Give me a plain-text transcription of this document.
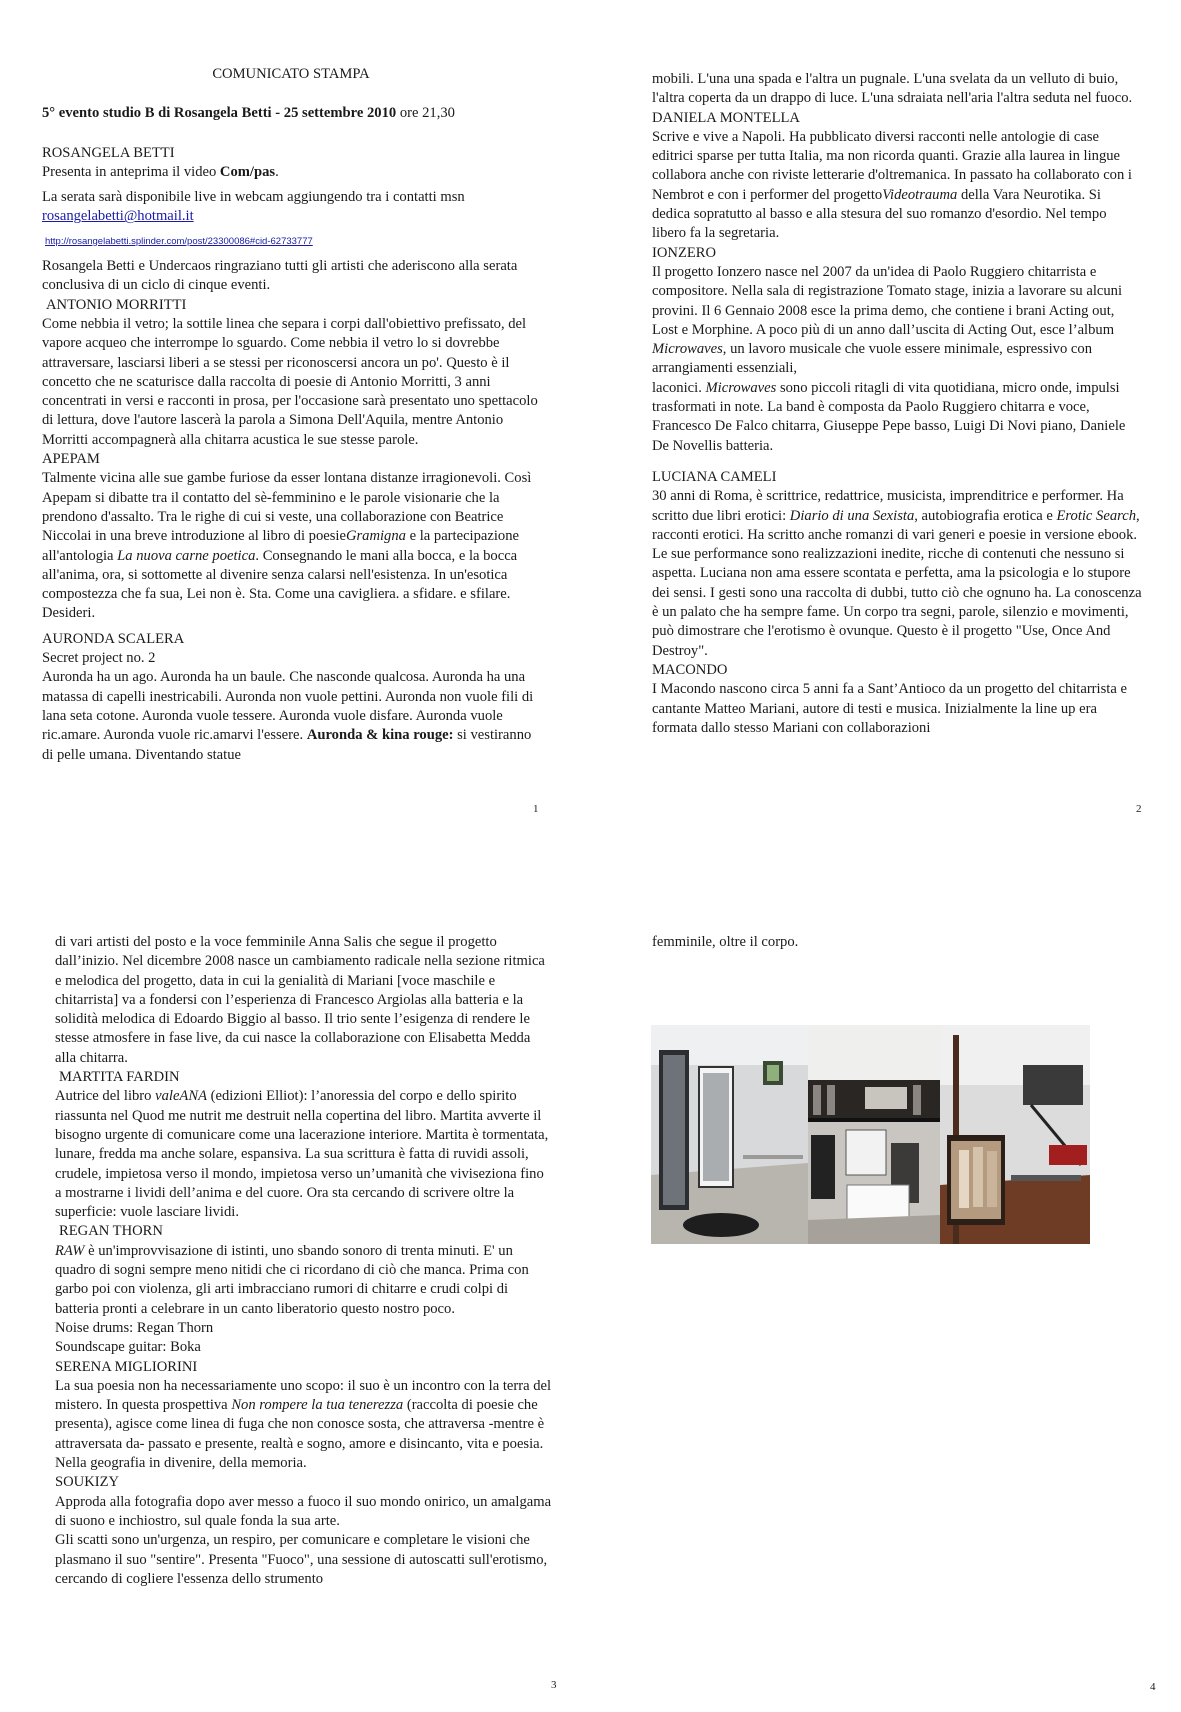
COMUNICATO STAMPA

5° evento studio B di Rosangela Betti - 25 settembre 2010 ore 21,30

ROSANGELA BETTI

Presenta in anteprima il video Com/pas.

La serata sarà disponibile live in webcam aggiungendo tra i contatti msn

rosangelabetti@hotmail.it

http://rosangelabetti.splinder.com/post/23300086#cid-62733777

Rosangela Betti e Undercaos ringraziano tutti gli artisti che aderiscono alla serata conclusiva di un ciclo di cinque eventi.

ANTONIO MORRITTI

Come nebbia il vetro; la sottile linea che separa i corpi dall'obiettivo prefissato, del vapore acqueo che interrompe lo sguardo. Come nebbia il vetro lo si dovrebbe attraversare, lasciarsi liberi a se stessi per riconoscersi ancora un po'. Questo è il concetto che ne scaturisce dalla raccolta di poesie di Antonio Morritti, 3 anni concentrati in versi e racconti in prosa, per l'occasione sarà presentato uno spettacolo di lettura, dove l'autore lascerà la parola a Simona Dell'Aquila, mentre Antonio Morritti accompagnerà alla chitarra acustica le sue stesse parole.

APEPAM

Talmente vicina alle sue gambe furiose da esser lontana distanze irragionevoli. Così Apepam si dibatte tra il contatto del sè-femminino e le parole visionarie che la prendono d'assalto. Tra le righe di cui si veste, una collaborazione con Beatrice Niccolai in una breve introduzione al libro di poesieGramigna e la partecipazione all'antologia La nuova carne poetica. Consegnando le mani alla bocca, e la bocca all'anima, ora, si sottomette al divenire senza calarsi nell'esistenza. In un'esotica compostezza che fa sua, Lei non è. Sta. Come una cavigliera. a sfidare. e sfilare. Desideri.

AURONDA SCALERA

Secret project no. 2

Auronda ha un ago. Auronda ha un baule. Che nasconde qualcosa. Auronda ha una matassa di capelli inestricabili. Auronda non vuole pettini. Auronda non vuole fili di lana seta cotone. Auronda vuole tessere. Auronda vuole disfare. Auronda vuole ric.amare. Auronda vuole ric.amarvi l'essere. Auronda & kina rouge: si vestiranno di pelle umana. Diventando statue

1

mobili. L'una una spada e l'altra un pugnale. L'una svelata da un velluto di buio, l'altra coperta da un drappo di luce. L'una sdraiata nell'aria l'altra seduta nel fuoco.

DANIELA MONTELLA

Scrive e vive a Napoli. Ha pubblicato diversi racconti nelle antologie di case editrici sparse per tutta Italia, ma non ricorda quanti. Grazie alla laurea in lingue collabora anche con riviste letterarie d'oltremanica. In passato ha collaborato con i Nembrot e con i performer del progettoVideotrauma della Vara Neurotika. Si dedica sopratutto al basso e alla stesura del suo romanzo d'esordio. Nel tempo libero fa la segretaria.

IONZERO

Il progetto Ionzero nasce nel 2007 da un'idea di Paolo Ruggiero chitarrista e compositore. Nella sala di registrazione Tomato stage, inizia a lavorare su alcuni provini. Il 6 Gennaio 2008 esce la prima demo, che contiene i brani Acting out, Lost e Morphine. A poco più di un anno dall’uscita di Acting Out, esce l’album Microwaves, un lavoro musicale che vuole essere minimale, espressivo con arrangiamenti essenziali,

laconici. Microwaves sono piccoli ritagli di vita quotidiana, micro onde, impulsi trasformati in note. La band è composta da Paolo Ruggiero chitarra e voce, Francesco De Falco chitarra, Giuseppe Pepe basso, Luigi Di Novi piano, Daniele De Novellis batteria.

LUCIANA CAMELI

30 anni di Roma, è scrittrice, redattrice, musicista, imprenditrice e performer. Ha scritto due libri erotici: Diario di una Sexista, autobiografia erotica e Erotic Search, racconti erotici. Ha scritto anche romanzi di vari generi e poesie in versione ebook. Le sue performance sono realizzazioni inedite, ricche di contenuti che nessuno si aspetta. Luciana non ama essere scontata e perfetta, ama la psicologia e lo stupore dei sensi. I gesti sono una raccolta di dubbi, tutto ciò che ognuno ha. La conoscenza è un palato che ha sempre fame. Un corpo tra segni, parole, silenzio e movimenti, può dimostrare che l'erotismo è ovunque. Questo è il progetto "Use, Once And Destroy".

MACONDO

I Macondo nascono circa 5 anni fa a Sant’Antioco da un progetto del chitarrista e cantante Matteo Mariani, autore di testi e musica. Inizialmente la line up era formata dallo stesso Mariani con collaborazioni

2

di vari artisti del posto e la voce femminile Anna Salis che segue il progetto dall’inizio. Nel dicembre 2008 nasce un cambiamento radicale nella sezione ritmica e melodica del progetto, data in cui la genialità di Mariani [voce maschile e chitarrista] va a fondersi con l’esperienza di Francesco Argiolas alla batteria e la solidità melodica di Edoardo Biggio al basso. Il trio sente l’esigenza di rendere le stesse atmosfere in fase live, da cui nasce la collaborazione con Elisabetta Medda alla chitarra.

MARTITA FARDIN

Autrice del libro valeANA (edizioni Elliot): l’anoressia del corpo e dello spirito riassunta nel Quod me nutrit me destruit nella copertina del libro. Martita avverte il bisogno urgente di comunicare come una lacerazione interiore. Martita è tormentata, lunare, fredda ma anche solare, espansiva. La sua scrittura è fatta di ruvidi assoli, crudele, impietosa verso il mondo, impietosa verso un’umanità che viviseziona fino a mostrarne i lividi dell’anima e del cuore. Ora sta cercando di scrivere oltre la superficie: vuole lasciare lividi.

REGAN THORN

RAW è un'improvvisazione di istinti, uno sbando sonoro di trenta minuti. E' un quadro di sogni sempre meno nitidi che ci ricordano di ciò che manca. Prima con garbo poi con violenza, gli arti imbracciano rumori di chitarre e crudi colpi di batteria pronti a celebrare in un canto liberatorio questo nostro poco.

Noise drums: Regan Thorn

Soundscape guitar: Boka

SERENA MIGLIORINI

La sua poesia non ha necessariamente uno scopo: il suo è un incontro con la terra del mistero. In questa prospettiva Non rompere la tua tenerezza (raccolta di poesie che presenta), agisce come linea di fuga che non conosce sosta, che attraversa -mentre è attraversata da- passato e presente, realtà e sogno, amore e disincanto, vita e poesia. Nella geografia in divenire, della memoria.

SOUKIZY

Approda alla fotografia dopo aver messo a fuoco il suo mondo onirico, un amalgama di suono e inchiostro, sul quale fonda la sua arte.

Gli scatti sono un'urgenza, un respiro, per comunicare e completare le visioni che plasmano il suo "sentire". Presenta "Fuoco", una sessione di autoscatti sull'erotismo, cercando di cogliere l'essenza dello strumento

3

femminile, oltre il corpo.

4
